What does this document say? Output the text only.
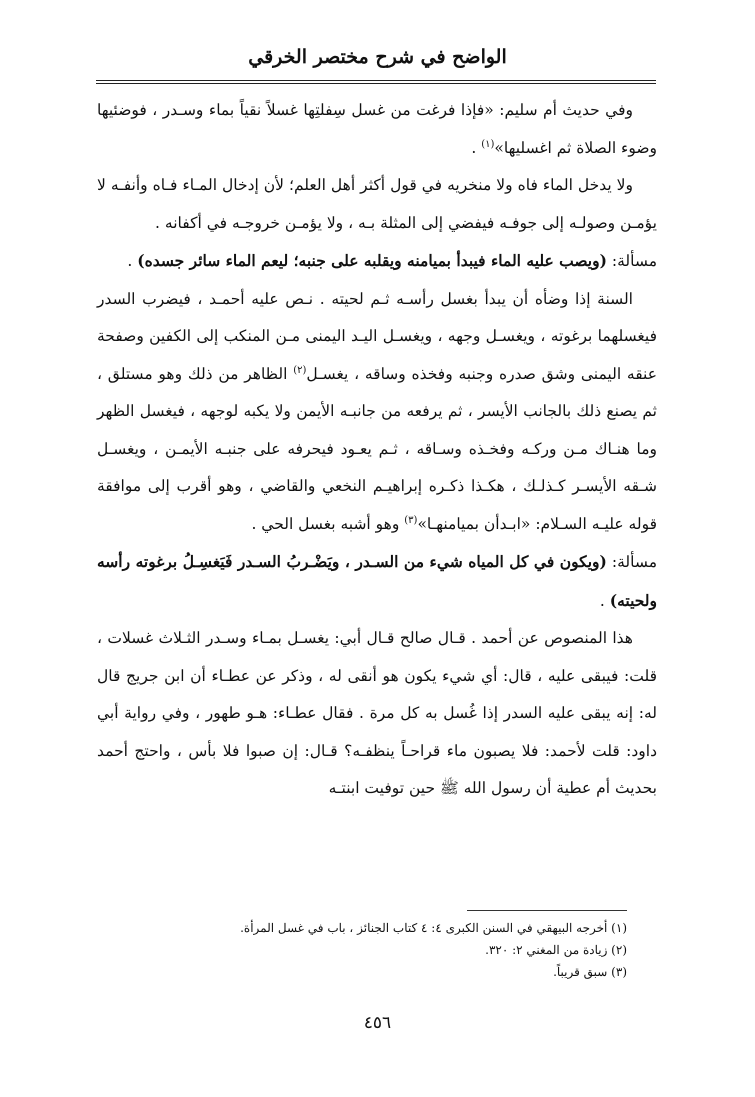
الواضح في شرح مختصر الخرقي

وفي حديث أم سليم: «فإذا فرغت من غسل سِفلتِها غسلاً نقياً بماء وسـدر ، فوضئيها وضوء الصلاة ثم اغسليها»$^{(١)}$ .

ولا يدخل الماء فاه ولا منخريه في قول أكثر أهل العلم؛ لأن إدخال المـاء فـاه وأنفـه لا يؤمـن وصولـه إلى جوفـه فيفضي إلى المثلة بـه ، ولا يؤمـن خروجـه في أكفانه .

مسألة: (ويصب عليه الماء فيبدأ بميامنه ويقلبه على جنبه؛ ليعم الماء سائر جسده) .

السنة إذا وضأه أن يبدأ بغسل رأسـه ثـم لحيته . نـص عليه أحمـد ، فيضرب السدر فيغسلهما برغوته ، ويغسـل وجهه ، ويغسـل اليـد اليمنى مـن المنكب إلى الكفين وصفحة عنقه اليمنى وشق صدره وجنبه وفخذه وساقه ، يغسـل$^{(٢)}$ الظاهر من ذلك وهو مستلق ، ثم يصنع ذلك بالجانب الأيسر ، ثم يرفعه من جانبـه الأيمن ولا يكبه لوجهه ، فيغسل الظهر وما هنـاك مـن وركـه وفخـذه وسـاقه ، ثـم يعـود فيحرفه على جنبـه الأيمـن ، ويغسـل شـقه الأيسـر كـذلـك ، هكـذا ذكـره إبراهيـم النخعي والقاضي ، وهو أقرب إلى موافقة قوله عليـه السـلام: «ابـدأن بميامنهـا»$^{(٣)}$ وهو أشبه بغسل الحي .

مسألة: (ويكون في كل المياه شيء من السـدر ، ويَضْـربُ السـدر فَيَغسِـلُ برغوته رأسه ولحيته) .

هذا المنصوص عن أحمد . قـال صالح قـال أبي: يغسـل بمـاء وسـدر الثـلاث غسلات ، قلت: فيبقى عليه ، قال: أي شيء يكون هو أنقى له ، وذكر عن عطـاء أن ابن جريج قال له: إنه يبقى عليه السدر إذا غُسل به كل مرة . فقال عطـاء: هـو طهور ، وفي رواية أبي داود: قلت لأحمد: فلا يصبون ماء قراحـاً ينظفـه؟ قـال: إن صبوا فلا بأس ، واحتج أحمد بحديث أم عطية أن رسول الله ﷺ حين توفيت ابنتـه

(١) أخرجه البيهقي في السنن الكبرى ٤: ٤ كتاب الجنائز ، باب في غسل المرأة.
(٢) زيادة من المغني ٢: ٣٢٠.
(٣) سبق قريباً.
٤٥٦
